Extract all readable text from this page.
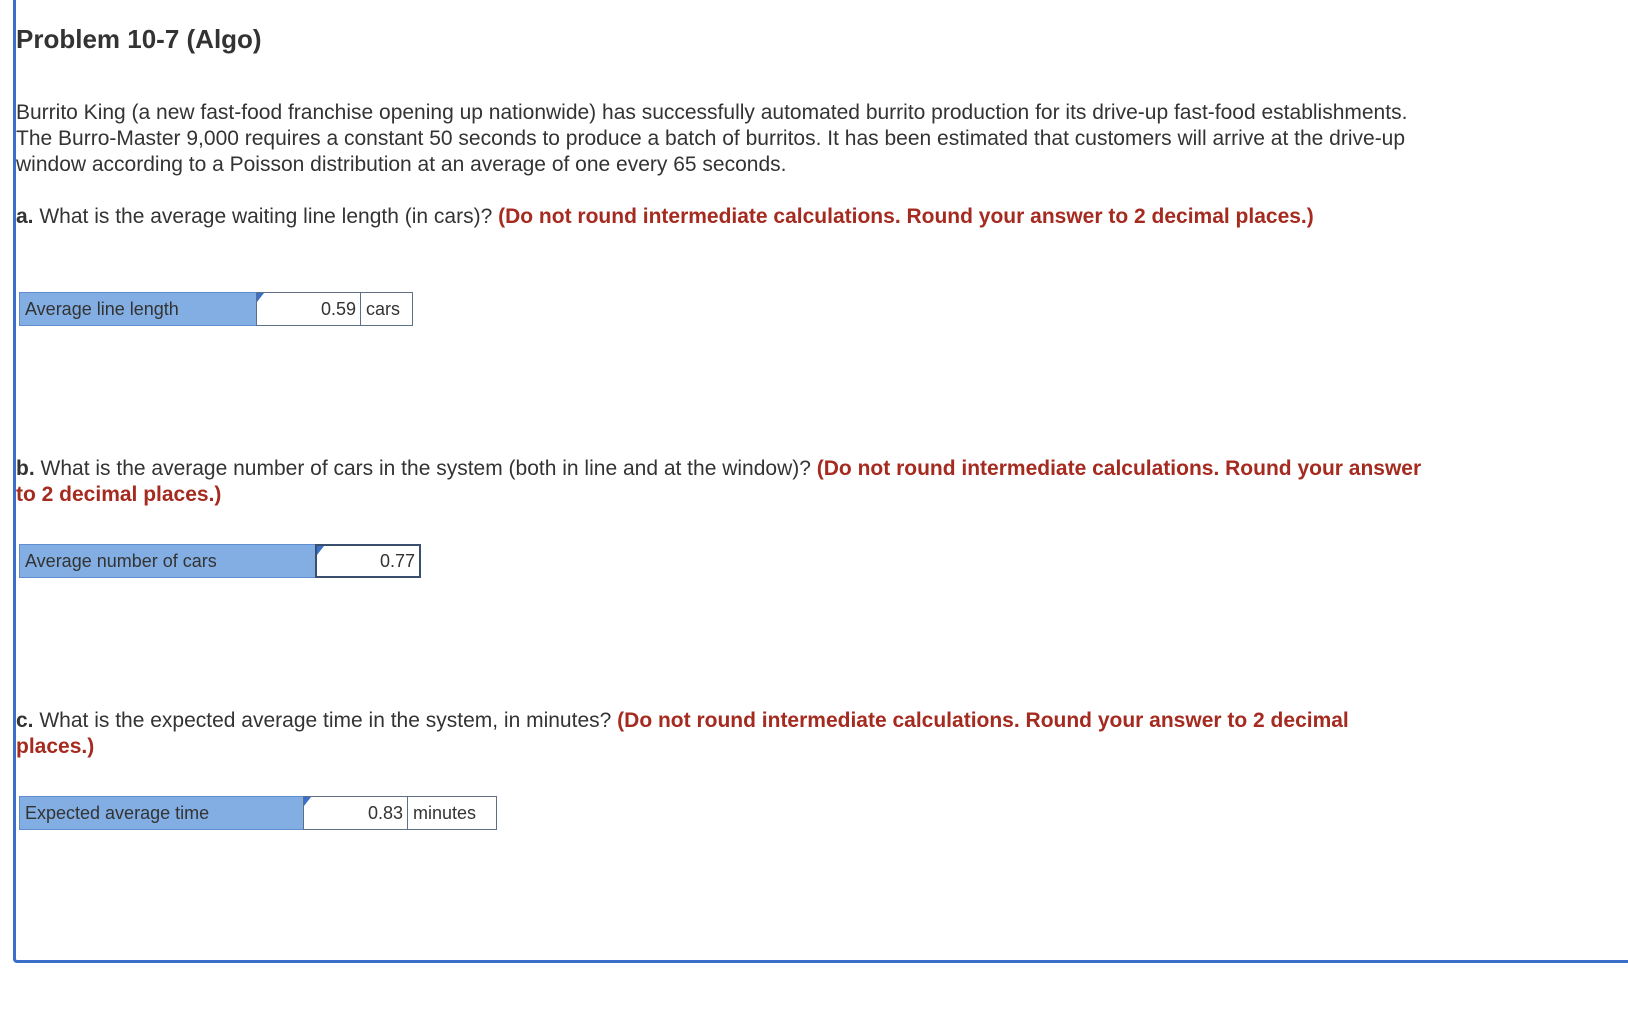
Problem 10-7 (Algo)

Burrito King (a new fast-food franchise opening up nationwide) has successfully automated burrito production for its drive-up fast-food establishments. The Burro-Master 9,000 requires a constant 50 seconds to produce a batch of burritos. It has been estimated that customers will arrive at the drive-up window according to a Poisson distribution at an average of one every 65 seconds.

a. What is the average waiting line length (in cars)? (Do not round intermediate calculations. Round your answer to 2 decimal places.)

Average line length	0.59 cars

b. What is the average number of cars in the system (both in line and at the window)? (Do not round intermediate calculations. Round your answer to 2 decimal places.)

Average number of cars	0.77

c. What is the expected average time in the system, in minutes? (Do not round intermediate calculations. Round your answer to 2 decimal places.)

Expected average time	0.83 minutes
